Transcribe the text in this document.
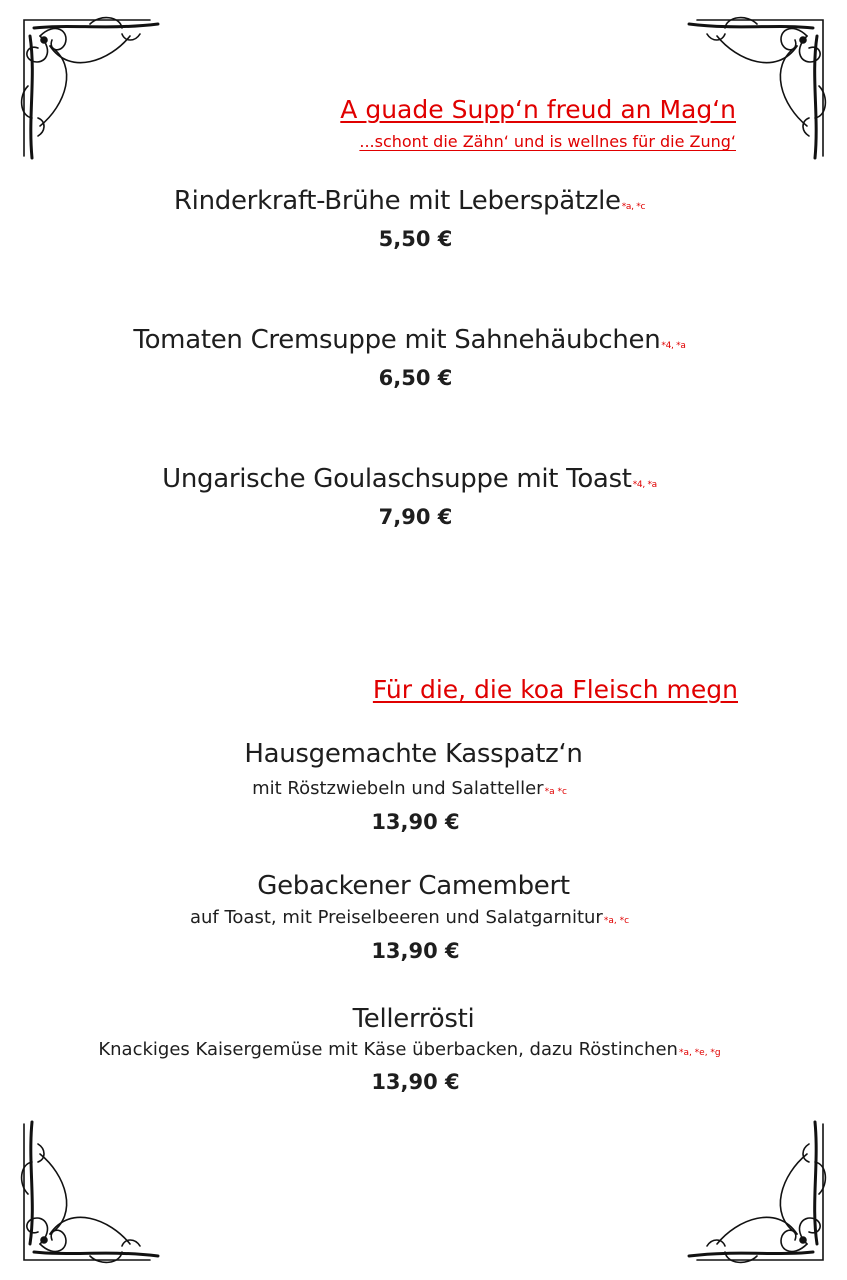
A guade Supp‘n freud an Mag‘n
...schont die Zähn‘ und is wellnes für die Zung‘
Rinderkraft-Brühe mit Leberspätzle*a, *c
5,50 €
Tomaten Cremsuppe mit Sahnehäubchen*4, *a
6,50 €
Ungarische Goulaschsuppe mit Toast*4, *a
7,90 €
Für die, die koa Fleisch megn
Hausgemachte Kasspatz‘n
mit Röstzwiebeln und Salatteller*a *c
13,90 €
Gebackener Camembert
auf Toast, mit Preiselbeeren und Salatgarnitur*a, *c
13,90 €
Tellerrösti
Knackiges Kaisergemüse mit Käse überbacken, dazu Röstinchen*a, *e, *g
13,90 €
